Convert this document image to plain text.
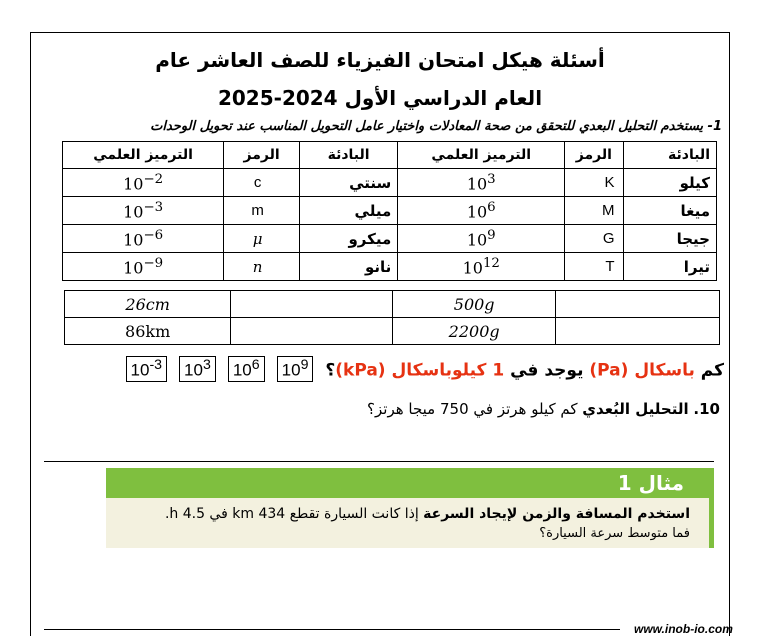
أسئلة هيكل امتحان الفيزياء للصف العاشر عام
العام الدراسي الأول 2024-2025
1- يستخدم التحليل البعدي للتحقق من صحة المعادلات واختيار عامل التحويل المناسب عند تحويل الوحدات
البادئة	الرمز	الترميز العلمي	البادئة	الرمز	الترميز العلمي
كيلو	K	$10^3$	سنتي	c	$10^{-2}$
ميغا	M	$10^6$	ميلي	m	$10^{-3}$
جيجا	G	$10^9$	ميكرو	μ	$10^{-6}$
تيرا	T	$10^{12}$	نانو	n	$10^{-9}$
26cm		500g	
86km		2200g	
كم باسكال (Pa) يوجد في 1 كيلوباسكال (kPa)؟ $10^910^610^310^{-3}$
10. التحليل البُعدي كم كيلو هرتز في 750 ميجا هرتز؟
مثال 1
استخدم المسافة والزمن لإيجاد السرعة إذا كانت السيارة تقطع 434 km في 4.5 h.
فما متوسط سرعة السيارة؟
www.inob-io.com
